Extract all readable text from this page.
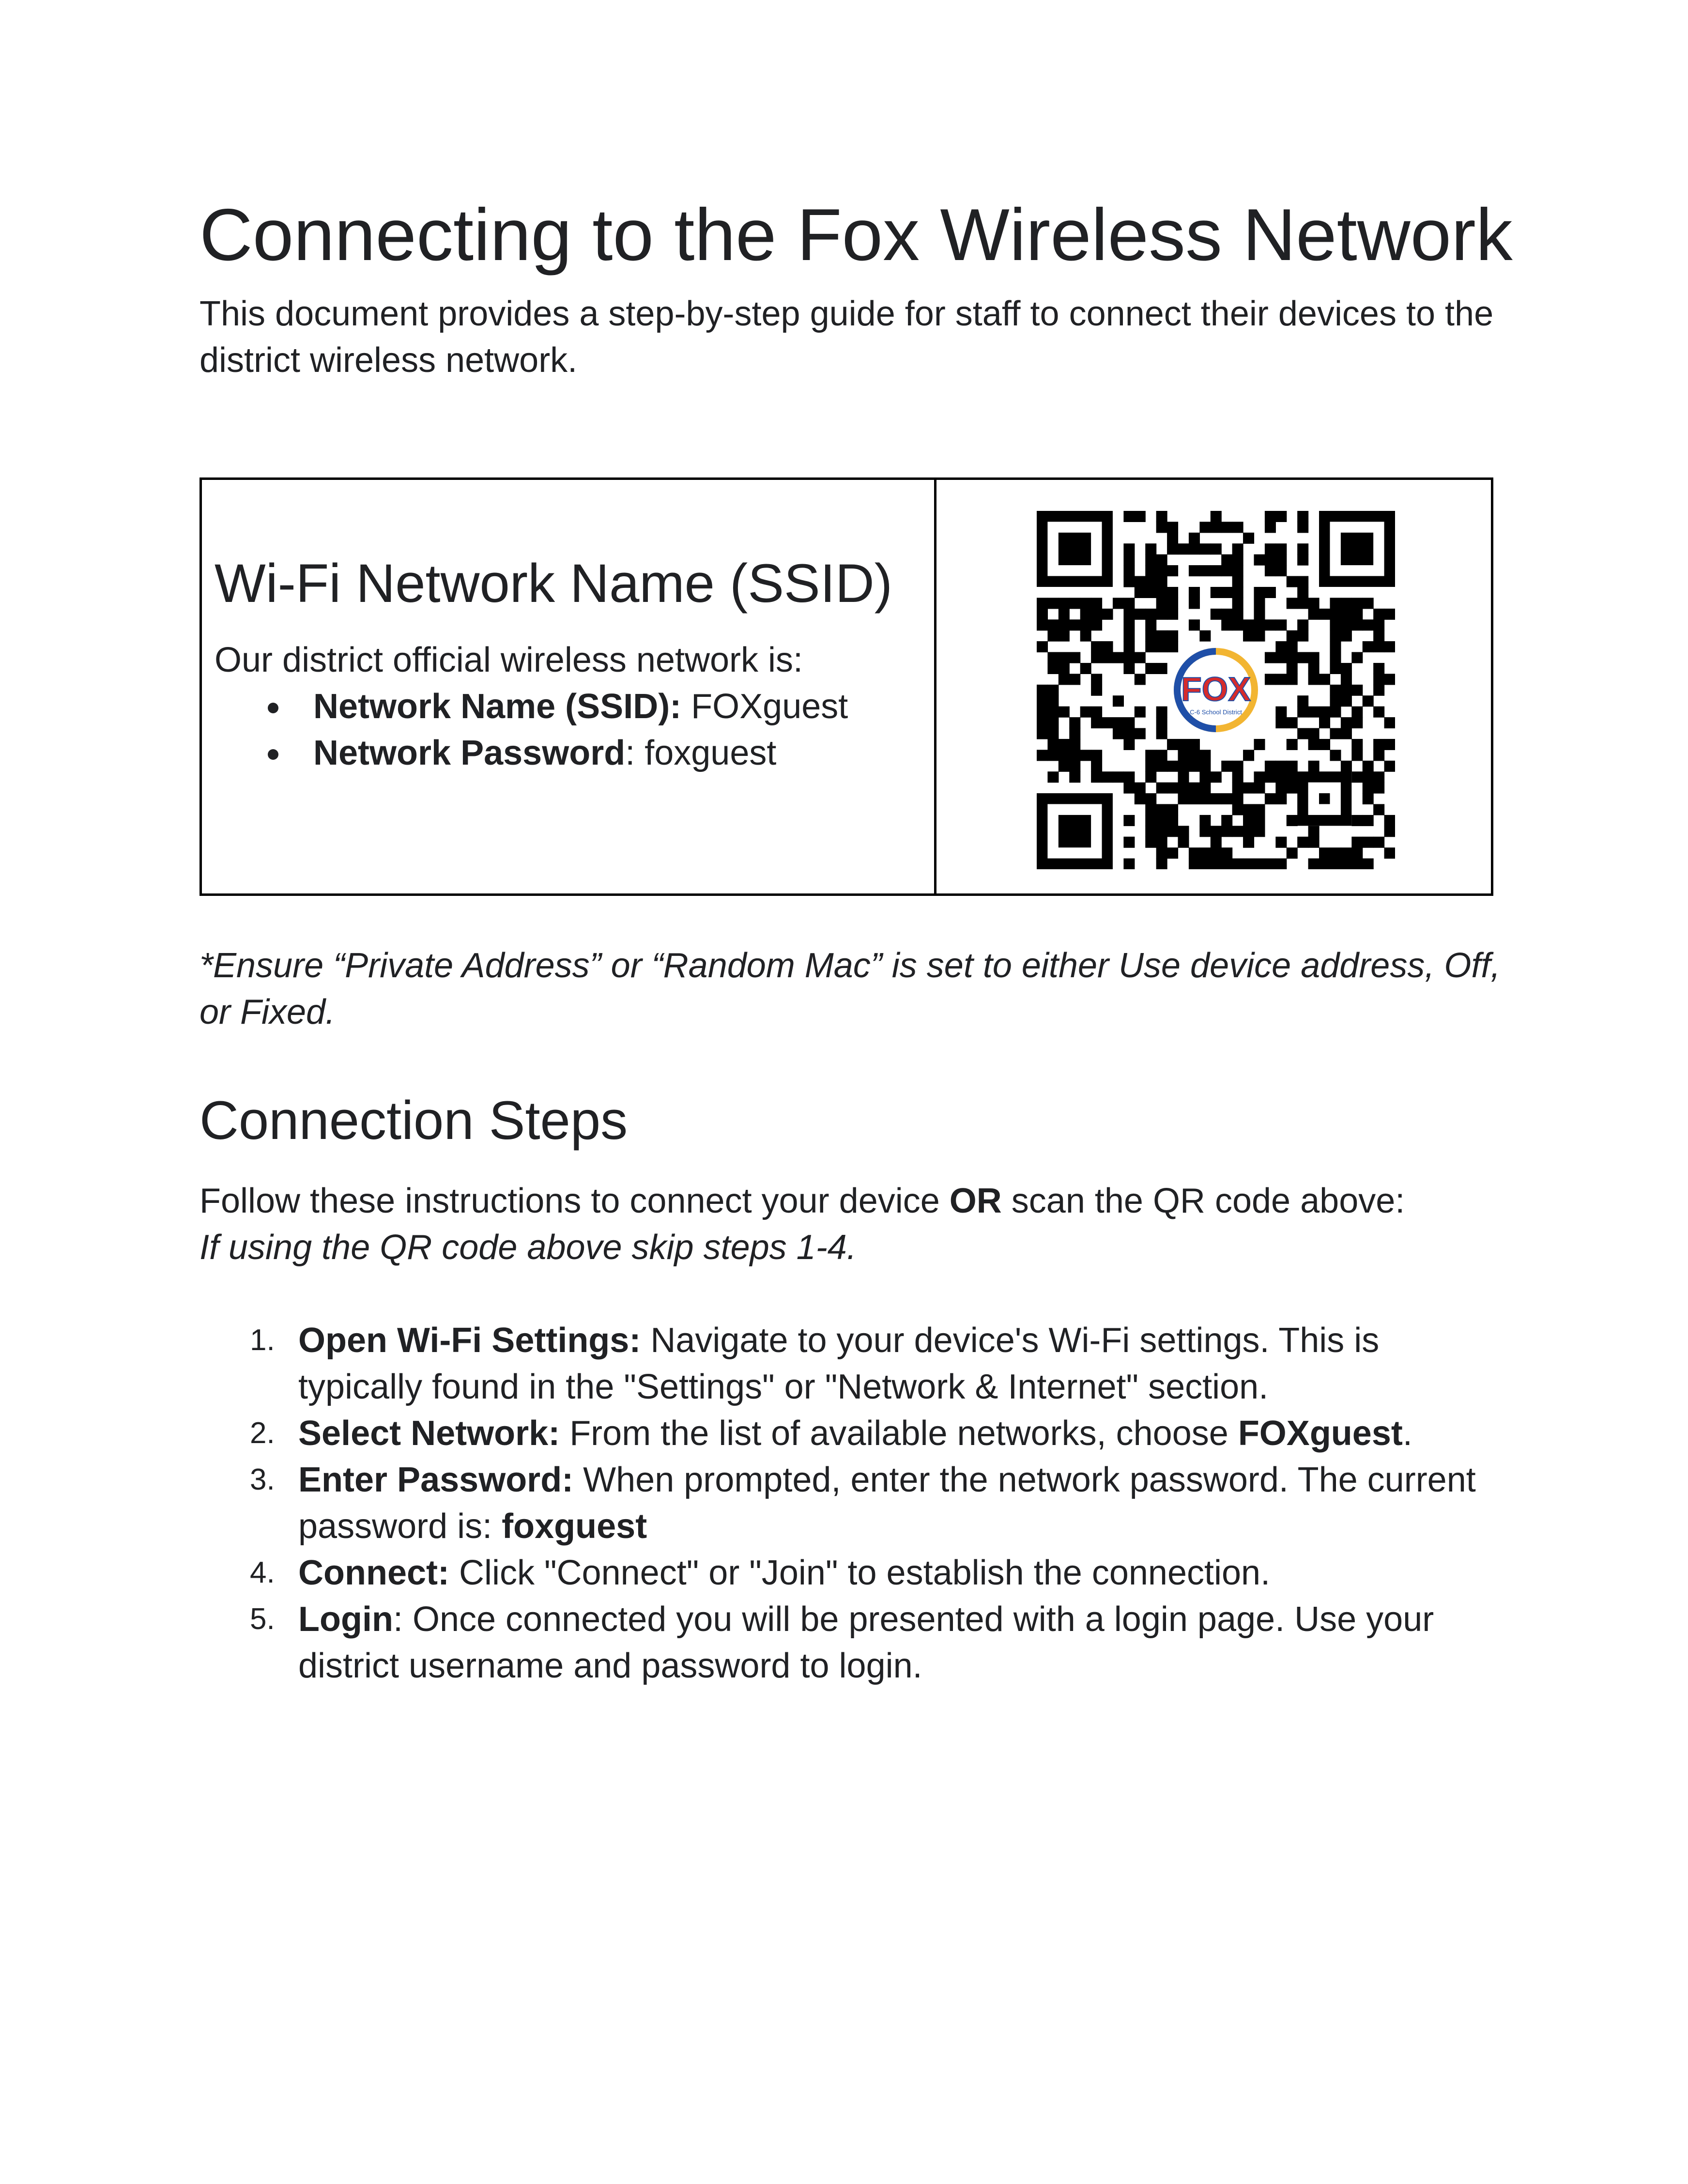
Connecting to the Fox Wireless Network

This document provides a step-by-step guide for staff to connect their devices to the district wireless network.

Wi-Fi Network Name (SSID)

Our district official wireless network is:

Network Name (SSID): FOXguest
Network Password: foxguest
FOX
C-6 School District

*Ensure “Private Address” or “Random Mac” is set to either Use device address, Off, or Fixed.

Connection Steps

Follow these instructions to connect your device OR scan the QR code above:

If using the QR code above skip steps 1-4.

1. Open Wi-Fi Settings: Navigate to your device's Wi-Fi settings. This is typically found in the "Settings" or "Network & Internet" section.
2. Select Network: From the list of available networks, choose FOXguest.
3. Enter Password: When prompted, enter the network password. The current password is: foxguest
4. Connect: Click "Connect" or "Join" to establish the connection.
5. Login: Once connected you will be presented with a login page. Use your district username and password to login.
